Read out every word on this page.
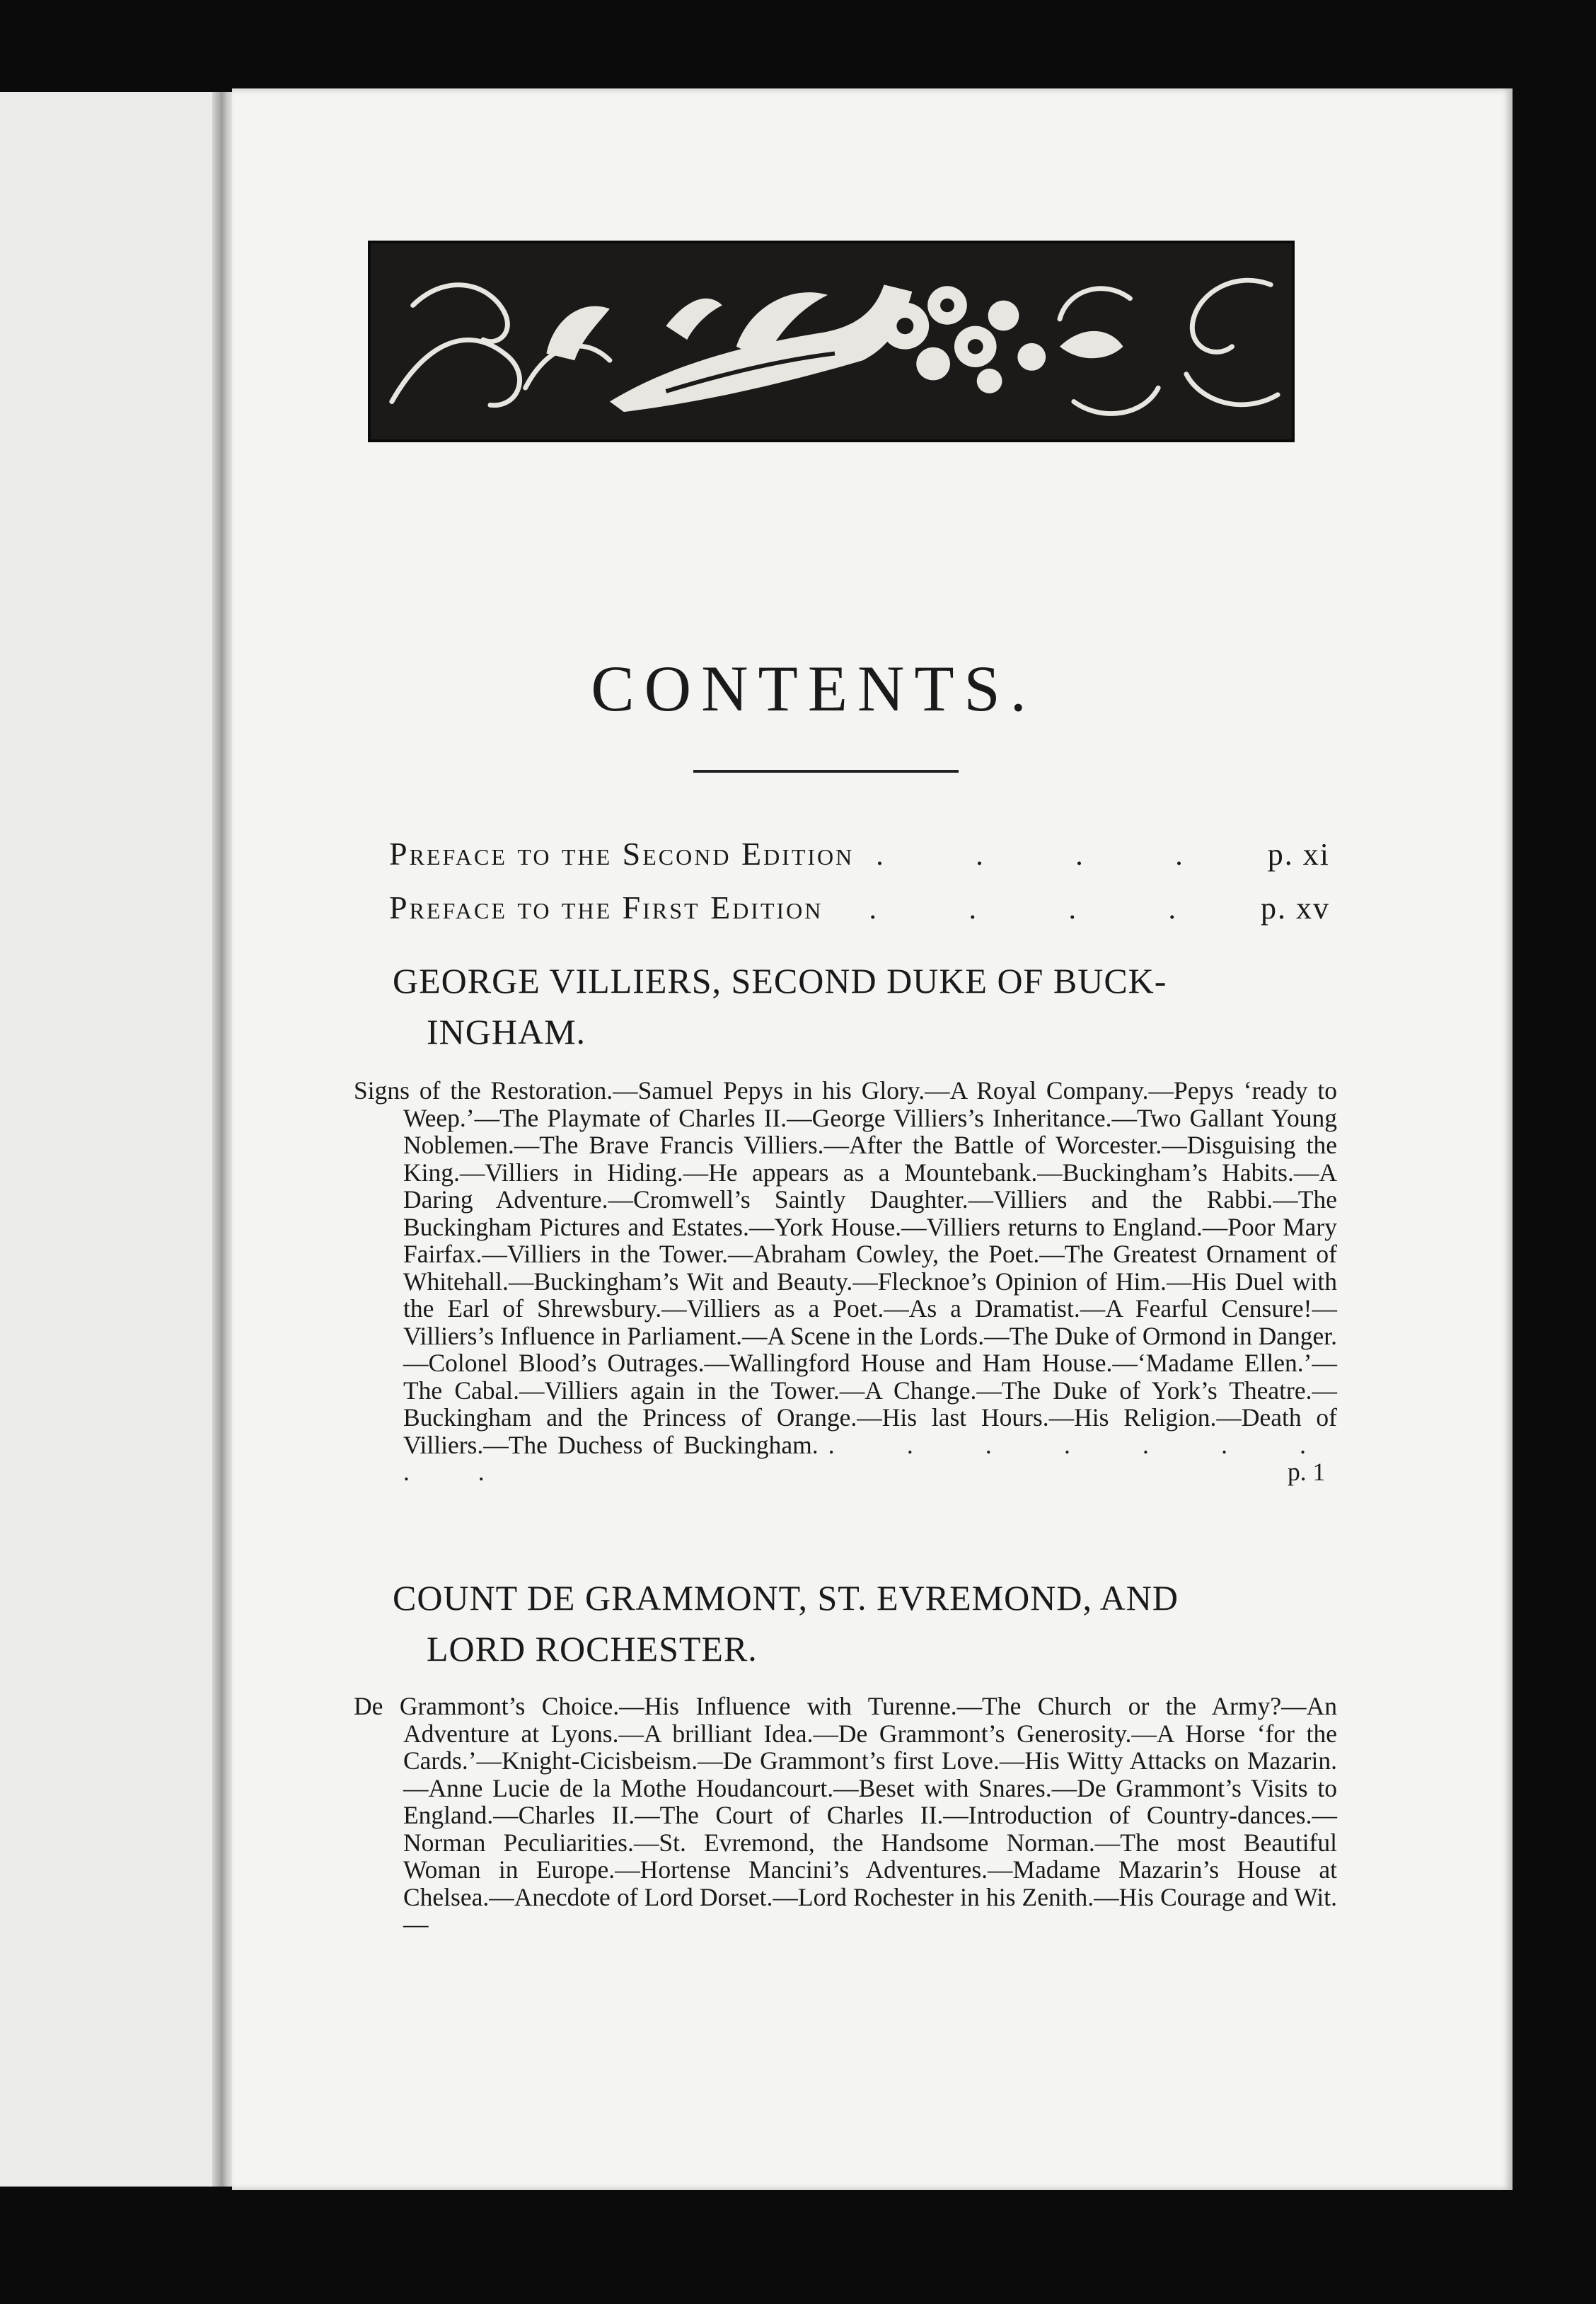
CONTENTS.
Preface to the Second Edition . . . .	p. xi
Preface to the First Edition	. . . .	p. xv
GEORGE VILLIERS, SECOND DUKE OF BUCK-
INGHAM.
Signs of the Restoration.—Samuel Pepys in his Glory.—A Royal Company.—Pepys ‘ready to Weep.’—The Playmate of Charles II.—George Villiers’s Inheritance.—Two Gallant Young Noblemen.—The Brave Francis Villiers.—After the Battle of Worcester.—Disguising the King.—Villiers in Hiding.—He appears as a Mountebank.—Buckingham’s Habits.—A Daring Adventure.—Cromwell’s Saintly Daughter.—Villiers and the Rabbi.—The Buckingham Pictures and Estates.—York House.—Villiers returns to England.—Poor Mary Fairfax.—Villiers in the Tower.—Abraham Cowley, the Poet.—The Greatest Ornament of Whitehall.—Buckingham’s Wit and Beauty.—Flecknoe’s Opinion of Him.—His Duel with the Earl of Shrewsbury.—Villiers as a Poet.—As a Dramatist.—A Fearful Censure!—Villiers’s Influence in Parliament.—A Scene in the Lords.—The Duke of Ormond in Danger.—Colonel Blood’s Outrages.—Wallingford House and Ham House.—‘Madame Ellen.’—The Cabal.—Villiers again in the Tower.—A Change.—The Duke of York’s Theatre.—Buckingham and the Princess of Orange.—His last Hours.—His Religion.—Death of Villiers.—The Duchess of Buckingham. . . . . . . . . .	p. 1
COUNT DE GRAMMONT, ST. EVREMOND, AND
LORD ROCHESTER.
De Grammont’s Choice.—His Influence with Turenne.—The Church or the Army?—An Adventure at Lyons.—A brilliant Idea.—De Grammont’s Generosity.—A Horse ‘for the Cards.’—Knight-Cicisbeism.—De Grammont’s first Love.—His Witty Attacks on Mazarin.—Anne Lucie de la Mothe Houdancourt.—Beset with Snares.—De Grammont’s Visits to England.—Charles II.—The Court of Charles II.—Introduction of Country-dances.—Norman Peculiarities.—St. Evremond, the Handsome Norman.—The most Beautiful Woman in Europe.—Hortense Mancini’s Adventures.—Madame Mazarin’s House at Chelsea.—Anecdote of Lord Dorset.—Lord Rochester in his Zenith.—His Courage and Wit.—
